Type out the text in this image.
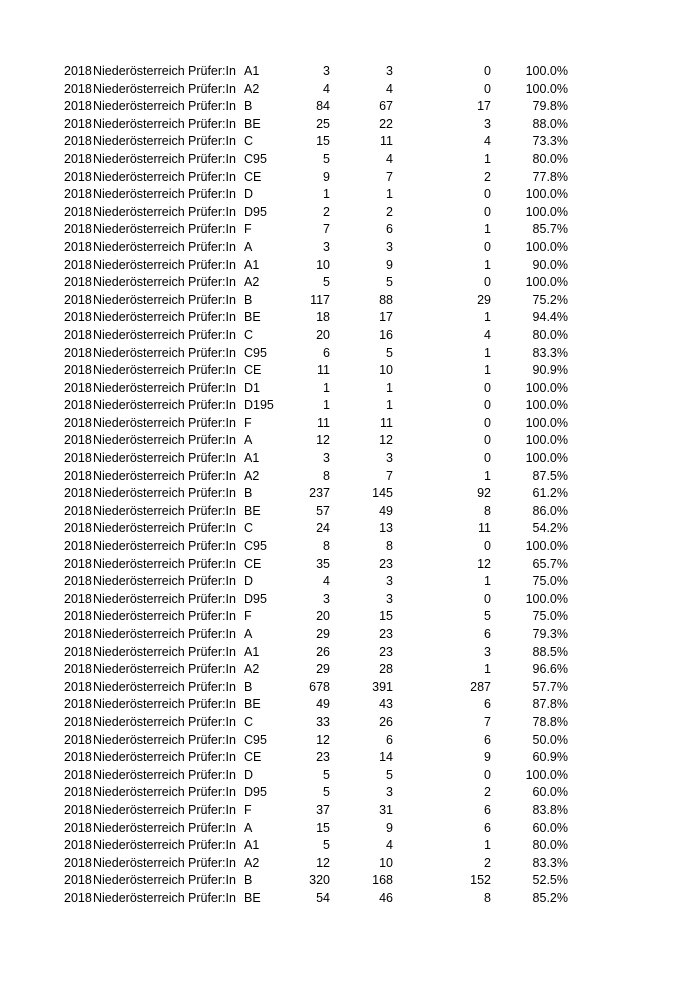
2018 Niederösterreich Prüfer:In A1	3	3	0	100.0%
2018 Niederösterreich Prüfer:In A2	4	4	0	100.0%
2018 Niederösterreich Prüfer:In B	84	67	17	79.8%
2018 Niederösterreich Prüfer:In BE	25	22	3	88.0%
2018 Niederösterreich Prüfer:In C	15	11	4	73.3%
2018 Niederösterreich Prüfer:In C95	5	4	1	80.0%
2018 Niederösterreich Prüfer:In CE	9	7	2	77.8%
2018 Niederösterreich Prüfer:In D	1	1	0	100.0%
2018 Niederösterreich Prüfer:In D95	2	2	0	100.0%
2018 Niederösterreich Prüfer:In F	7	6	1	85.7%
2018 Niederösterreich Prüfer:In A	3	3	0	100.0%
2018 Niederösterreich Prüfer:In A1	10	9	1	90.0%
2018 Niederösterreich Prüfer:In A2	5	5	0	100.0%
2018 Niederösterreich Prüfer:In B	117	88	29	75.2%
2018 Niederösterreich Prüfer:In BE	18	17	1	94.4%
2018 Niederösterreich Prüfer:In C	20	16	4	80.0%
2018 Niederösterreich Prüfer:In C95	6	5	1	83.3%
2018 Niederösterreich Prüfer:In CE	11	10	1	90.9%
2018 Niederösterreich Prüfer:In D1	1	1	0	100.0%
2018 Niederösterreich Prüfer:In D195	1	1	0	100.0%
2018 Niederösterreich Prüfer:In F	11	11	0	100.0%
2018 Niederösterreich Prüfer:In A	12	12	0	100.0%
2018 Niederösterreich Prüfer:In A1	3	3	0	100.0%
2018 Niederösterreich Prüfer:In A2	8	7	1	87.5%
2018 Niederösterreich Prüfer:In B	237	145	92	61.2%
2018 Niederösterreich Prüfer:In BE	57	49	8	86.0%
2018 Niederösterreich Prüfer:In C	24	13	11	54.2%
2018 Niederösterreich Prüfer:In C95	8	8	0	100.0%
2018 Niederösterreich Prüfer:In CE	35	23	12	65.7%
2018 Niederösterreich Prüfer:In D	4	3	1	75.0%
2018 Niederösterreich Prüfer:In D95	3	3	0	100.0%
2018 Niederösterreich Prüfer:In F	20	15	5	75.0%
2018 Niederösterreich Prüfer:In A	29	23	6	79.3%
2018 Niederösterreich Prüfer:In A1	26	23	3	88.5%
2018 Niederösterreich Prüfer:In A2	29	28	1	96.6%
2018 Niederösterreich Prüfer:In B	678	391	287	57.7%
2018 Niederösterreich Prüfer:In BE	49	43	6	87.8%
2018 Niederösterreich Prüfer:In C	33	26	7	78.8%
2018 Niederösterreich Prüfer:In C95	12	6	6	50.0%
2018 Niederösterreich Prüfer:In CE	23	14	9	60.9%
2018 Niederösterreich Prüfer:In D	5	5	0	100.0%
2018 Niederösterreich Prüfer:In D95	5	3	2	60.0%
2018 Niederösterreich Prüfer:In F	37	31	6	83.8%
2018 Niederösterreich Prüfer:In A	15	9	6	60.0%
2018 Niederösterreich Prüfer:In A1	5	4	1	80.0%
2018 Niederösterreich Prüfer:In A2	12	10	2	83.3%
2018 Niederösterreich Prüfer:In B	320	168	152	52.5%
2018 Niederösterreich Prüfer:In BE	54	46	8	85.2%
